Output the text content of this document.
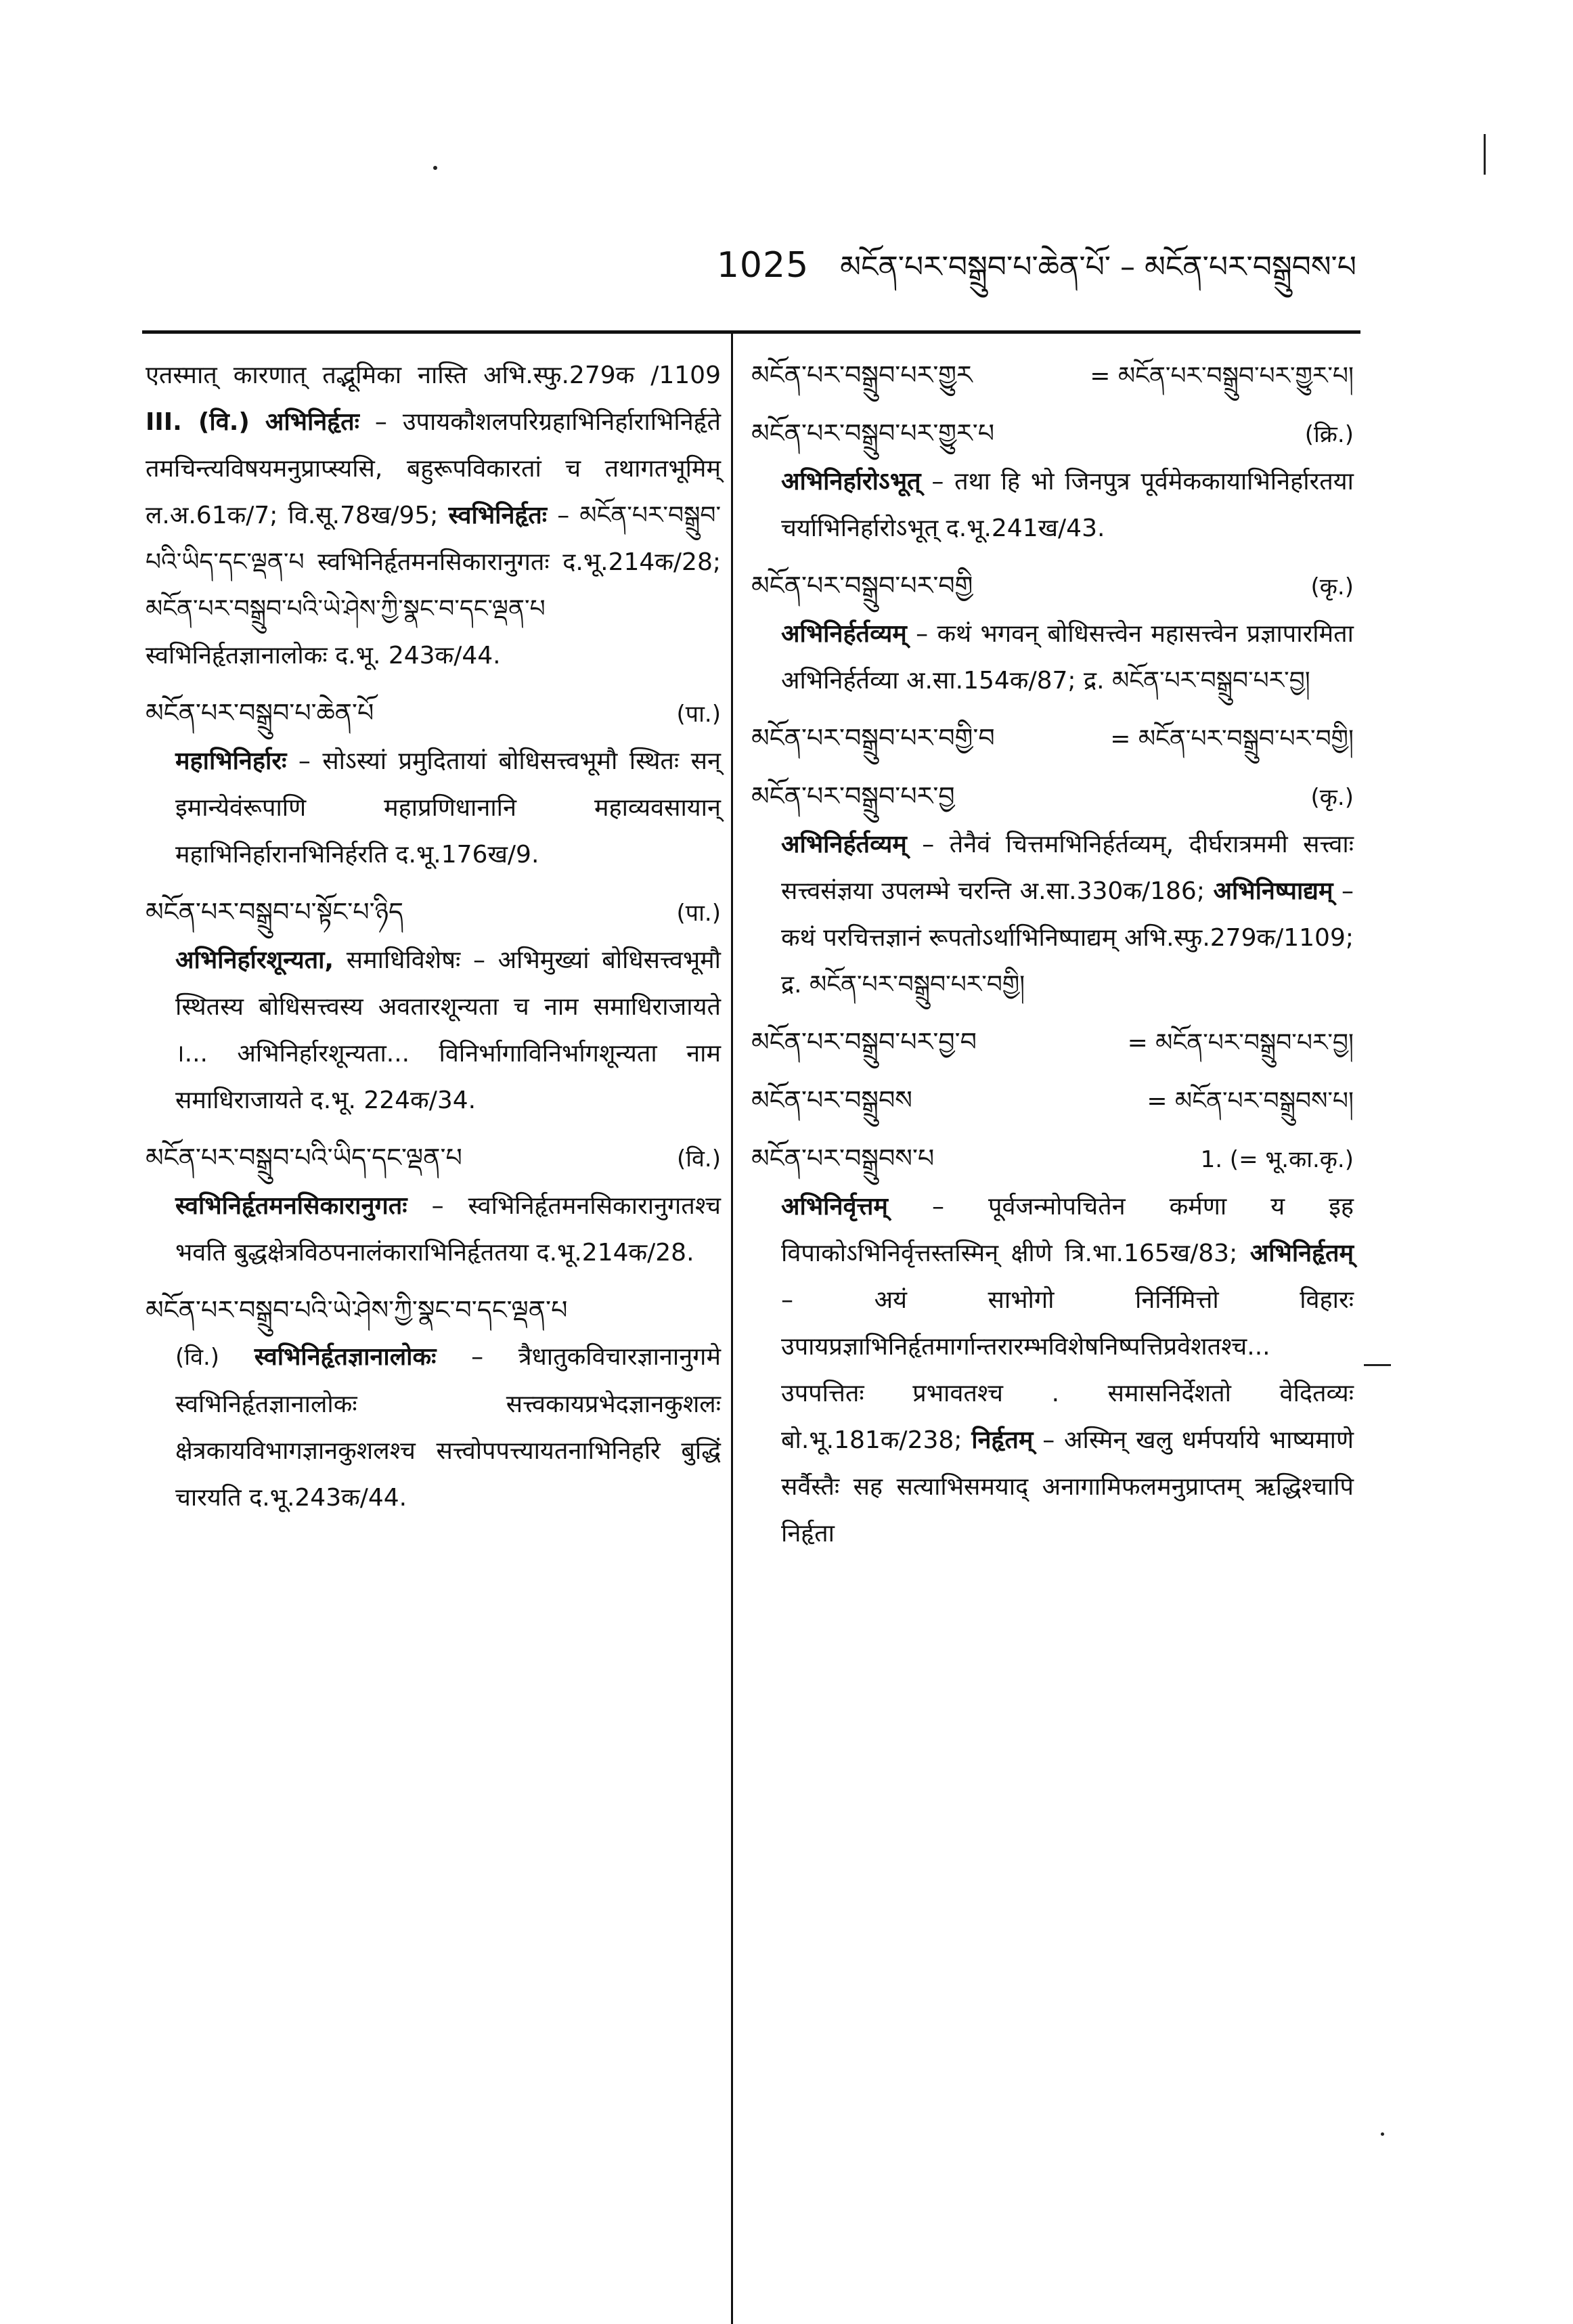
1025 མངོན་པར་བསྒྲུབ་པ་ཆེན་པོ་ – མངོན་པར་བསྒྲུབས་པ
एतस्मात् कारणात् तद्भूमिका नास्ति अभि.स्फु.279क /1109 III. (वि.) अभिनिर्हृतः – उपायकौशलपरिग्रहाभिनिर्हाराभिनिर्हृते तमचिन्त्यविषयमनुप्राप्स्यसि, बहुरूपविकारतां च तथागतभूमिम् ल.अ.61क/7; वि.सू.78ख/95; स्वभिनिर्हृतः – མངོན་པར་བསྒྲུབ་པའི་ཡིད་དང་ལྡན་པ स्वभिनिर्हृतमनसिकारानुगतः द.भू.214क/28; མངོན་པར་བསྒྲུབ་པའི་ཡེ་ཤེས་ཀྱི་སྣང་བ་དང་ལྡན་པ स्वभिनिर्हृतज्ञानालोकः द.भू. 243क/44.
མངོན་པར་བསྒྲུབ་པ་ཆེན་པོ	(पा.)
महाभिनिर्हारः – सोऽस्यां प्रमुदितायां बोधिसत्त्वभूमौ स्थितः सन् इमान्येवंरूपाणि महाप्रणिधानानि महाव्यवसायान् महाभिनिर्हारानभिनिर्हरति द.भू.176ख/9.
མངོན་པར་བསྒྲུབ་པ་སྟོང་པ་ཉིད	(पा.)
अभिनिर्हारशून्यता, समाधिविशेषः – अभिमुख्यां बोधिसत्त्वभूमौ स्थितस्य बोधिसत्त्वस्य अवतारशून्यता च नाम समाधिराजायते ।... अभिनिर्हारशून्यता... विनिर्भागाविनिर्भागशून्यता नाम समाधिराजायते द.भू. 224क/34.
མངོན་པར་བསྒྲུབ་པའི་ཡིད་དང་ལྡན་པ	(वि.)
स्वभिनिर्हृतमनसिकारानुगतः – स्वभिनिर्हृतमनसिकारानुगतश्च भवति बुद्धक्षेत्रविठपनालंकाराभिनिर्हृततया द.भू.214क/28.
མངོན་པར་བསྒྲུབ་པའི་ཡེ་ཤེས་ཀྱི་སྣང་བ་དང་ལྡན་པ
(वि.) स्वभिनिर्हृतज्ञानालोकः – त्रैधातुकविचारज्ञानानुगमे स्वभिनिर्हृतज्ञानालोकः सत्त्वकायप्रभेदज्ञानकुशलः क्षेत्रकायविभागज्ञानकुशलश्च सत्त्वोपपत्त्यायतनाभिनिर्हारे बुद्धिं चारयति द.भू.243क/44.
མངོན་པར་བསྒྲུབ་པར་གྱུར	= མངོན་པར་བསྒྲུབ་པར་གྱུར་པ།
མངོན་པར་བསྒྲུབ་པར་གྱུར་པ	(क्रि.)
अभिनिर्हारोऽभूत् – तथा हि भो जिनपुत्र पूर्वमेककायाभिनिर्हारतया चर्याभिनिर्हारोऽभूत् द.भू.241ख/43.
མངོན་པར་བསྒྲུབ་པར་བགྱི	(कृ.)
अभिनिर्हर्तव्यम् – कथं भगवन् बोधिसत्त्वेन महासत्त्वेन प्रज्ञापारमिता अभिनिर्हर्तव्या अ.सा.154क/87; द्र. མངོན་པར་བསྒྲུབ་པར་བྱ།
མངོན་པར་བསྒྲུབ་པར་བགྱི་བ	= མངོན་པར་བསྒྲུབ་པར་བགྱི།
མངོན་པར་བསྒྲུབ་པར་བྱ	(कृ.)
अभिनिर्हर्तव्यम् – तेनैवं चित्तमभिनिर्हर्तव्यम्, दीर्घरात्रममी सत्त्वाः सत्त्वसंज्ञया उपलम्भे चरन्ति अ.सा.330क/186; अभिनिष्पाद्यम् – कथं परचित्तज्ञानं रूपतोऽर्थाभिनिष्पाद्यम् अभि.स्फु.279क/1109; द्र. མངོན་པར་བསྒྲུབ་པར་བགྱི།
མངོན་པར་བསྒྲུབ་པར་བྱ་བ	= མངོན་པར་བསྒྲུབ་པར་བྱ།
མངོན་པར་བསྒྲུབས	= མངོན་པར་བསྒྲུབས་པ།
མངོན་པར་བསྒྲུབས་པ	1. (= भू.का.कृ.)
अभिनिर्वृत्तम् – पूर्वजन्मोपचितेन कर्मणा य इह विपाकोऽभिनिर्वृत्तस्तस्मिन् क्षीणे त्रि.भा.165ख/83; अभिनिर्हृतम् – अयं साभोगो निर्निमित्तो विहारः उपायप्रज्ञाभिनिर्हृतमार्गान्तरारम्भविशेषनिष्पत्तिप्रवेशतश्च... उपपत्तितः प्रभावतश्च . समासनिर्देशतो वेदितव्यः बो.भू.181क/238; निर्हृतम् – अस्मिन् खलु धर्मपर्याये भाष्यमाणे सर्वैस्तैः सह सत्याभिसमयाद् अनागामिफलमनुप्राप्तम् ऋद्धिश्चापि निर्हृता
